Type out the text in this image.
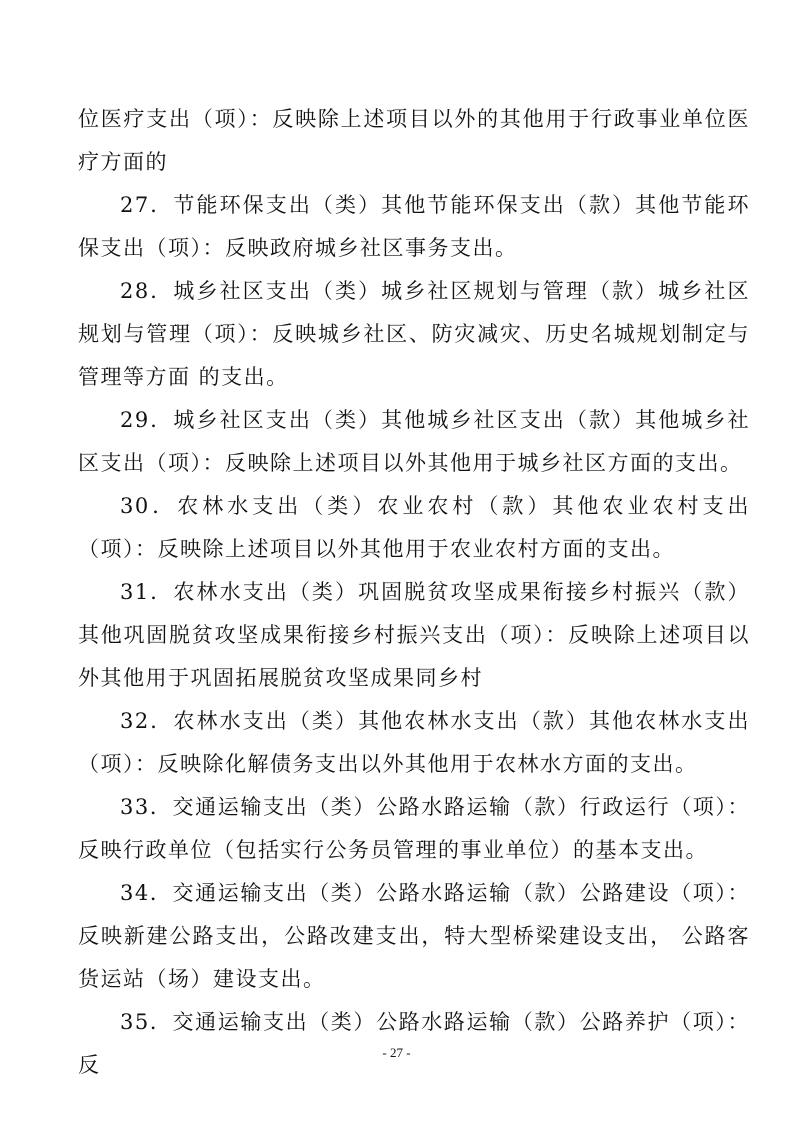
位医疗支出（项）：反映除上述项目以外的其他用于行政事业单位医疗方面的

27．节能环保支出（类）其他节能环保支出（款）其他节能环保支出（项）：反映政府城乡社区事务支出。

28．城乡社区支出（类）城乡社区规划与管理（款）城乡社区规划与管理（项）：反映城乡社区、防灾减灾、历史名城规划制定与管理等方面 的支出。

29．城乡社区支出（类）其他城乡社区支出（款）其他城乡社区支出（项）：反映除上述项目以外其他用于城乡社区方面的支出。

30．农林水支出（类）农业农村（款）其他农业农村支出（项）：反映除上述项目以外其他用于农业农村方面的支出。

31．农林水支出（类）巩固脱贫攻坚成果衔接乡村振兴（款）其他巩固脱贫攻坚成果衔接乡村振兴支出（项）：反映除上述项目以外其他用于巩固拓展脱贫攻坚成果同乡村

32．农林水支出（类）其他农林水支出（款）其他农林水支出（项）：反映除化解债务支出以外其他用于农林水方面的支出。

33．交通运输支出（类）公路水路运输（款）行政运行（项）：反映行政单位（包括实行公务员管理的事业单位）的基本支出。

34．交通运输支出（类）公路水路运输（款）公路建设（项）：反映新建公路支出，公路改建支出，特大型桥梁建设支出， 公路客货运站（场）建设支出。

35．交通运输支出（类）公路水路运输（款）公路养护（项）：反

- 27 -
